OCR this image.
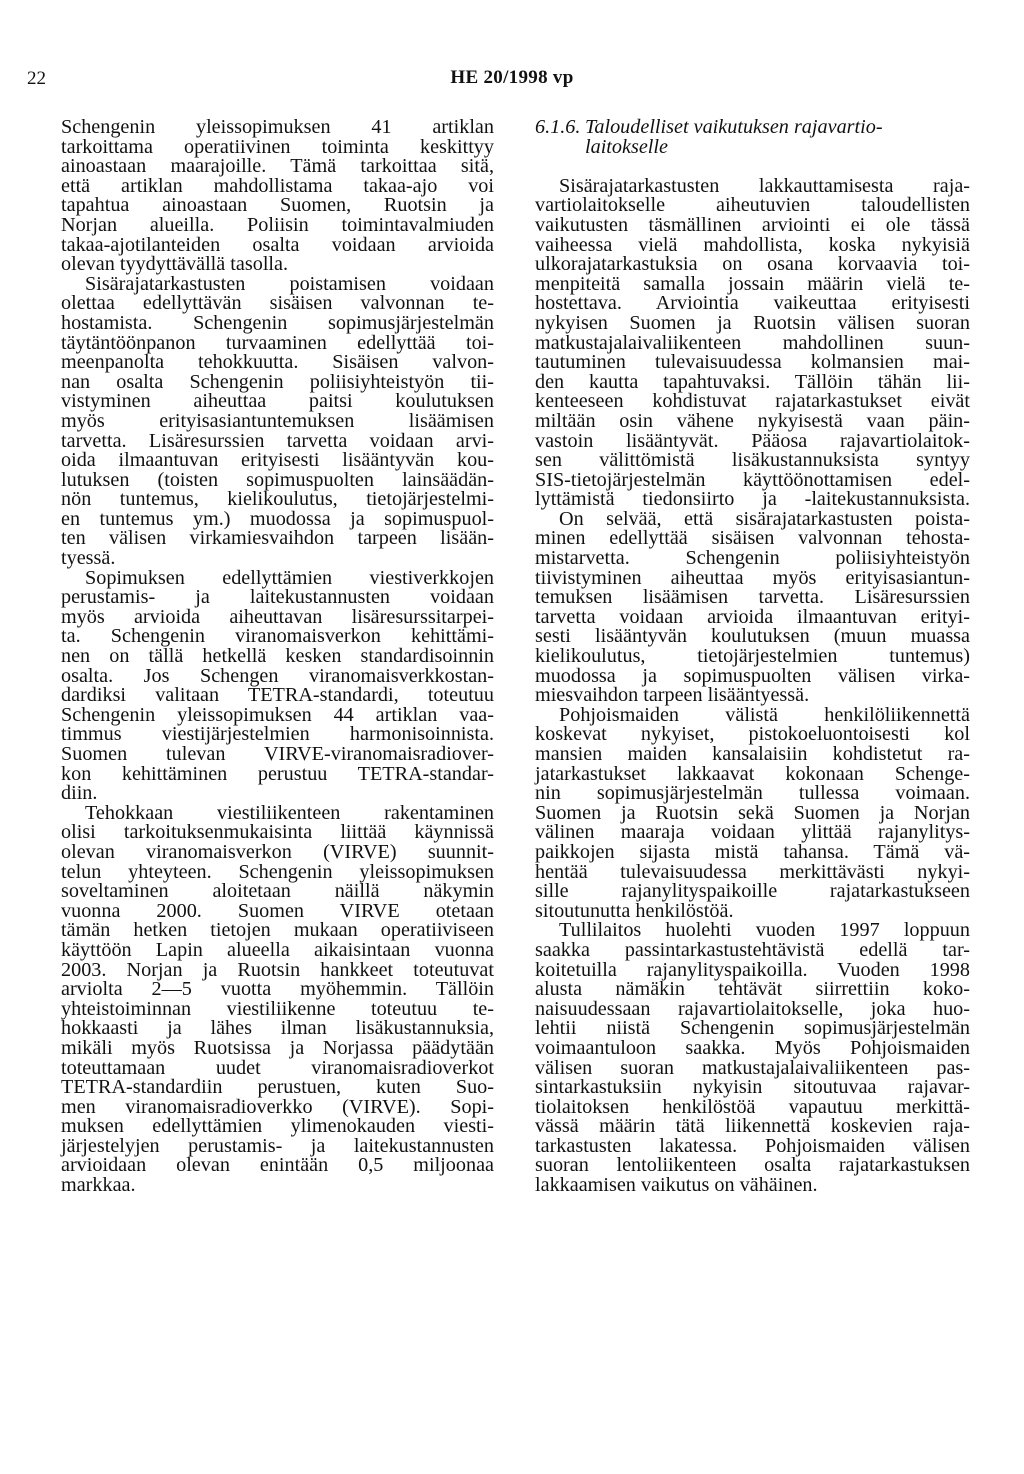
22	HE 20/1998 vp
Schengenin yleissopimuksen 41 artiklan
tarkoittama operatiivinen toiminta keskittyy
ainoastaan maarajoille. Tämä tarkoittaa sitä,
että artiklan mahdollistama takaa-ajo voi
tapahtua ainoastaan Suomen, Ruotsin ja
Norjan alueilla. Poliisin toimintavalmiuden
takaa-ajotilanteiden osalta voidaan arvioida
olevan tyydyttävällä tasolla.
Sisärajatarkastusten poistamisen voidaan
olettaa edellyttävän sisäisen valvonnan te-
hostamista. Schengenin sopimusjärjestelmän
täytäntöönpanon turvaaminen edellyttää toi-
meenpanolta tehokkuutta. Sisäisen valvon-
nan osalta Schengenin poliisiyhteistyön tii-
vistyminen aiheuttaa paitsi koulutuksen
myös erityisasiantuntemuksen lisäämisen
tarvetta. Lisäresurssien tarvetta voidaan arvi-
oida ilmaantuvan erityisesti lisääntyvän kou-
lutuksen (toisten sopimuspuolten lainsäädän-
nön tuntemus, kielikoulutus, tietojärjestelmi-
en tuntemus ym.) muodossa ja sopimuspuol-
ten välisen virkamiesvaihdon tarpeen lisään-
tyessä.
Sopimuksen edellyttämien viestiverkkojen
perustamis- ja laitekustannusten voidaan
myös arvioida aiheuttavan lisäresurssitarpei-
ta. Schengenin viranomaisverkon kehittämi-
nen on tällä hetkellä kesken standardisoinnin
osalta. Jos Schengen viranomaisverkkostan-
dardiksi valitaan TETRA-standardi, toteutuu
Schengenin yleissopimuksen 44 artiklan vaa-
timmus viestijärjestelmien harmonisoinnista.
Suomen tulevan VIRVE-viranomaisradiover-
kon kehittäminen perustuu TETRA-standar-
diin.
Tehokkaan viestiliikenteen rakentaminen
olisi tarkoituksenmukaisinta liittää käynnissä
olevan viranomaisverkon (VIRVE) suunnit-
telun yhteyteen. Schengenin yleissopimuksen
soveltaminen aloitetaan näillä näkymin
vuonna 2000. Suomen VIRVE otetaan
tämän hetken tietojen mukaan operatiiviseen
käyttöön Lapin alueella aikaisintaan vuonna
2003. Norjan ja Ruotsin hankkeet toteutuvat
arviolta 2—5 vuotta myöhemmin. Tällöin
yhteistoiminnan viestiliikenne toteutuu te-
hokkaasti ja lähes ilman lisäkustannuksia,
mikäli myös Ruotsissa ja Norjassa päädytään
toteuttamaan uudet viranomaisradioverkot
TETRA-standardiin perustuen, kuten Suo-
men viranomaisradioverkko (VIRVE). Sopi-
muksen edellyttämien ylimenokauden viesti-
järjestelyjen perustamis- ja laitekustannusten
arvioidaan olevan enintään 0,5 miljoonaa
markkaa.
6.1.6. Taloudelliset vaikutuksen rajavartio-
laitokselle
Sisärajatarkastusten lakkauttamisesta raja-
vartiolaitokselle aiheutuvien taloudellisten
vaikutusten täsmällinen arviointi ei ole tässä
vaiheessa vielä mahdollista, koska nykyisiä
ulkorajatarkastuksia on osana korvaavia toi-
menpiteitä samalla jossain määrin vielä te-
hostettava. Arviointia vaikeuttaa erityisesti
nykyisen Suomen ja Ruotsin välisen suoran
matkustajalaivaliikenteen mahdollinen suun-
tautuminen tulevaisuudessa kolmansien mai-
den kautta tapahtuvaksi. Tällöin tähän lii-
kenteeseen kohdistuvat rajatarkastukset eivät
miltään osin vähene nykyisestä vaan päin-
vastoin lisääntyvät. Pääosa rajavartiolaitok-
sen välittömistä lisäkustannuksista syntyy
SIS-tietojärjestelmän käyttöönottamisen edel-
lyttämistä tiedonsiirto ja -laitekustannuksista.
On selvää, että sisärajatarkastusten poista-
minen edellyttää sisäisen valvonnan tehosta-
mistarvetta. Schengenin poliisiyhteistyön
tiivistyminen aiheuttaa myös erityisasiantun-
temuksen lisäämisen tarvetta. Lisäresurssien
tarvetta voidaan arvioida ilmaantuvan erityi-
sesti lisääntyvän koulutuksen (muun muassa
kielikoulutus, tietojärjestelmien tuntemus)
muodossa ja sopimuspuolten välisen virka-
miesvaihdon tarpeen lisääntyessä.
Pohjoismaiden välistä henkilöliikennettä
koskevat nykyiset, pistokoeluontoisesti kol
mansien maiden kansalaisiin kohdistetut ra-
jatarkastukset lakkaavat kokonaan Schenge-
nin sopimusjärjestelmän tullessa voimaan.
Suomen ja Ruotsin sekä Suomen ja Norjan
välinen maaraja voidaan ylittää rajanylitys-
paikkojen sijasta mistä tahansa. Tämä vä-
hentää tulevaisuudessa merkittävästi nykyi-
sille rajanylityspaikoille rajatarkastukseen
sitoutunutta henkilöstöä.
Tullilaitos huolehti vuoden 1997 loppuun
saakka passintarkastustehtävistä edellä tar-
koitetuilla rajanylityspaikoilla. Vuoden 1998
alusta nämäkin tehtävät siirrettiin koko-
naisuudessaan rajavartiolaitokselle, joka huo-
lehtii niistä Schengenin sopimusjärjestelmän
voimaantuloon saakka. Myös Pohjoismaiden
välisen suoran matkustajalaivaliikenteen pas-
sintarkastuksiin nykyisin sitoutuvaa rajavar-
tiolaitoksen henkilöstöä vapautuu merkittä-
vässä määrin tätä liikennettä koskevien raja-
tarkastusten lakatessa. Pohjoismaiden välisen
suoran lentoliikenteen osalta rajatarkastuksen
lakkaamisen vaikutus on vähäinen.
